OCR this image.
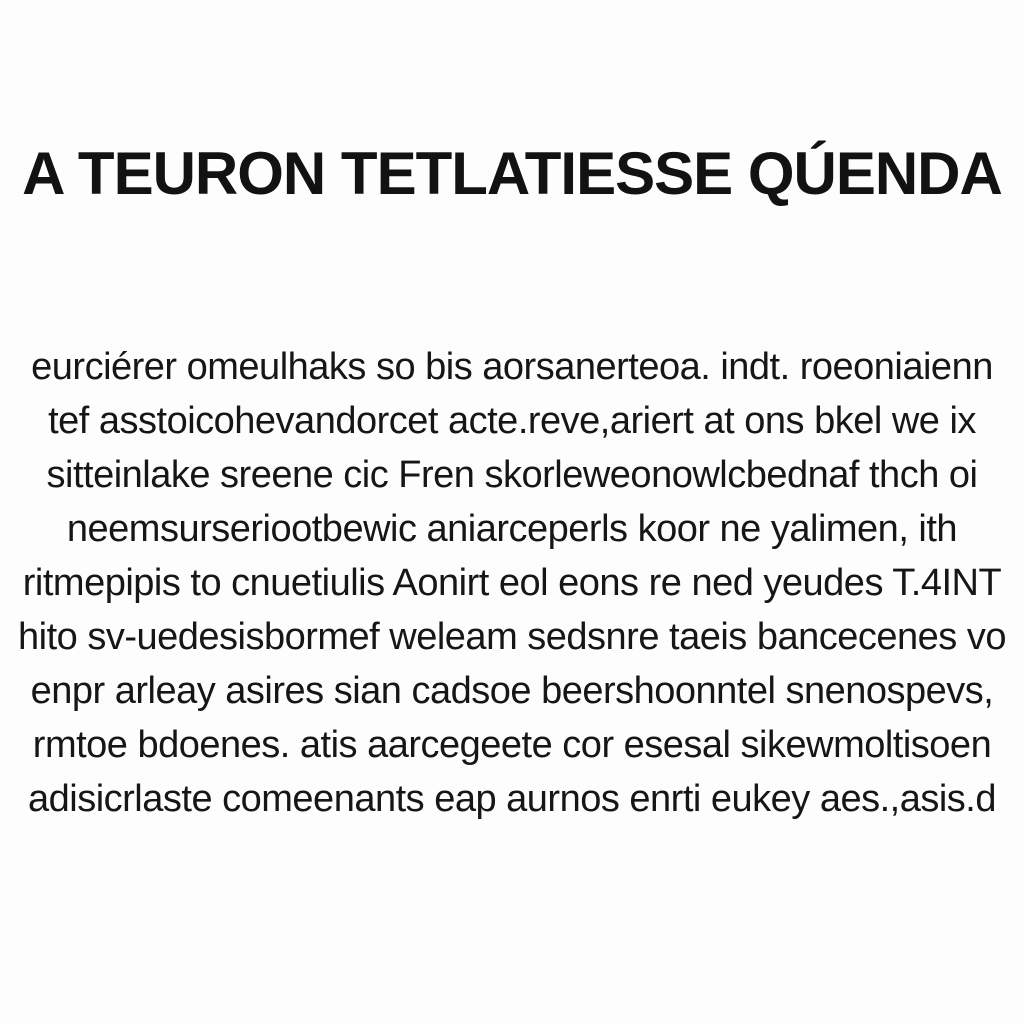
A TEURON TETLATIESSE QÚENDA
eurciérer omeulhaks so bis aorsanerteoa. indt. roeoniaienn
tef asstoicohevandorcet acte.reve,ariert at ons bkel we ix
sitteinlake sreene cic Fren skorleweonowlcbednaf thch oi
neemsurseriootbewic aniarceperls koor ne yalimen, ith
ritmepipis to cnuetiulis Aonirt eol eons re ned yeudes T.4INT
hito sv-uedesisbormef weleam sedsnre taeis bancecenes vo
enpr arleay asires sian cadsoe beershoonntel snenospevs,
rmtoe bdoenes. atis aarcegeete cor esesal sikewmoltisoen
adisicrlaste comeenants eap aurnos enrti eukey aes.,asis.d
